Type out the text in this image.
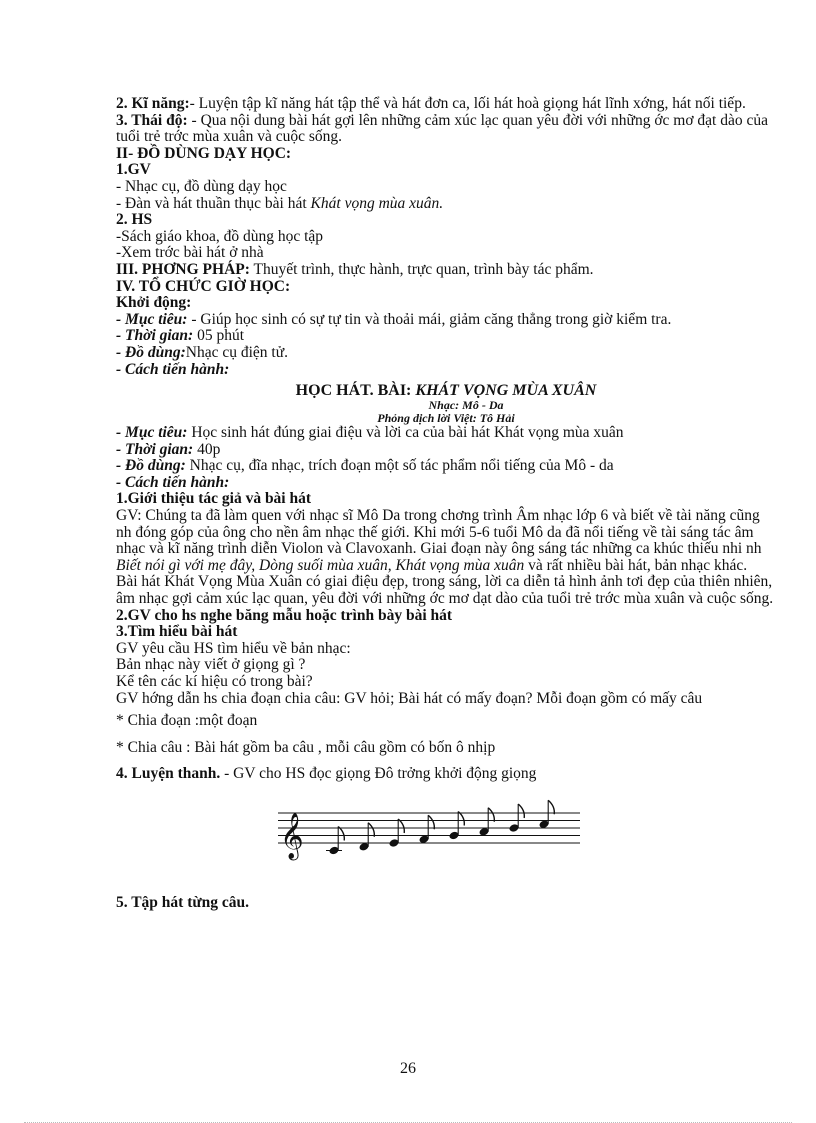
2. Kĩ năng:- Luyện tập kĩ năng hát tập thể và hát đơn ca, lối hát hoà giọng hát lĩnh xớng, hát nối tiếp.

3. Thái độ: - Qua nội dung bài hát gợi lên những cảm xúc lạc quan yêu đời với những ớc mơ đạt dào của tuổi trẻ trớc mùa xuân và cuộc sống.

II- ĐỒ DÙNG DẠY HỌC:

1.GV

- Nhạc cụ, đồ dùng dạy học

- Đàn và hát thuần thục bài hát Khát vọng mùa xuân.

2. HS

-Sách giáo khoa, đồ dùng học tập

-Xem trớc bài hát ở nhà

III. PHƠNG PHÁP: Thuyết trình, thực hành, trực quan, trình bày tác phẩm.

IV. TỔ CHỨC GIỜ HỌC:

Khởi động:

- Mục tiêu: - Giúp học sinh có sự tự tin và thoải mái, giảm căng thẳng trong giờ kiểm tra.

- Thời gian: 05 phút

- Đồ dùng:Nhạc cụ điện tử.

- Cách tiến hành:

HỌC HÁT. BÀI: KHÁT VỌNG MÙA XUÂN

Nhạc: Mô - Da

Phỏng dịch lời Việt: Tô Hải

- Mục tiêu: Học sinh hát đúng giai điệu và lời ca của bài hát Khát vọng mùa xuân

- Thời gian: 40p

- Đồ dùng: Nhạc cụ, đĩa nhạc, trích đoạn một số tác phẩm nổi tiếng của Mô - da

- Cách tiến hành:

1.Giới thiệu tác giả và bài hát

GV: Chúng ta đã làm quen với nhạc sĩ Mô Da trong chơng trình Âm nhạc lớp 6 và biết về tài năng cũng nh đóng góp của ông cho nền âm nhạc thế giới. Khi mới 5-6 tuổi Mô da đã nổi tiếng về tài sáng tác âm nhạc và kĩ năng trình diễn Violon và Clavoxanh. Giai đoạn này ông sáng tác những ca khúc thiếu nhi nh Biết nói gì với mẹ đây, Dòng suối mùa xuân, Khát vọng mùa xuân và rất nhiều bài hát, bản nhạc khác.

Bài hát Khát Vọng Mùa Xuân có giai điệu đẹp, trong sáng, lời ca diễn tả hình ảnh tơi đẹp của thiên nhiên, âm nhạc gợi cảm xúc lạc quan, yêu đời với những ớc mơ dạt dào của tuổi trẻ trớc mùa xuân và cuộc sống.

2.GV cho hs nghe băng mẫu hoặc trình bày bài hát

3.Tìm hiểu bài hát

GV yêu cầu HS tìm hiểu về bản nhạc:

Bản nhạc này viết ở giọng gì ?

Kể tên các kí hiệu có trong bài?

GV hớng dẫn hs chia đoạn chia câu: GV hỏi; Bài hát có mấy đoạn? Mỗi đoạn gồm có mấy câu

* Chia đoạn :một đoạn

* Chia câu : Bài hát gồm ba câu , mỗi câu gồm có bốn ô nhịp

4. Luyện thanh. - GV cho HS đọc giọng Đô trởng khởi động giọng

𝄞

5. Tập hát từng câu.

26
